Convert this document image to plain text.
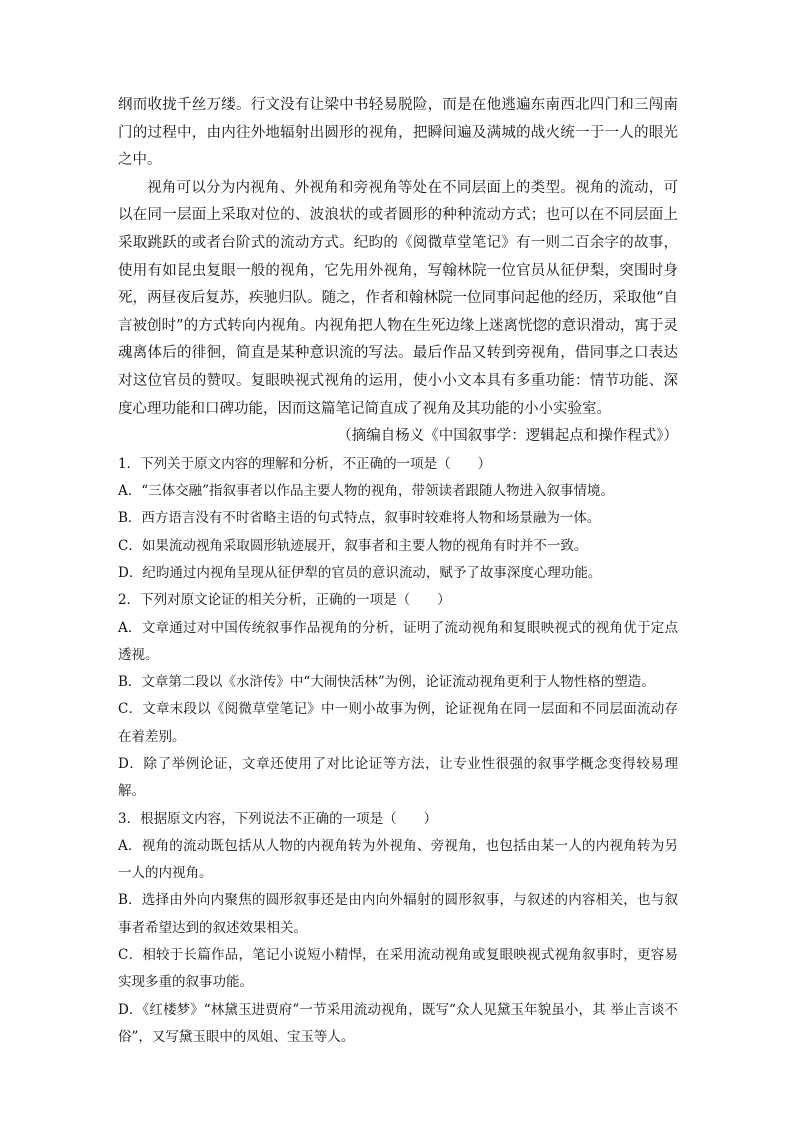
纲而收拢千丝万缕。行文没有让梁中书轻易脱险，而是在他逃遍东南西北四门和三闯南门的过程中，由内往外地辐射出圆形的视角，把瞬间遍及满城的战火统一于一人的眼光之中。

视角可以分为内视角、外视角和旁视角等处在不同层面上的类型。视角的流动，可以在同一层面上采取对位的、波浪状的或者圆形的种种流动方式；也可以在不同层面上采取跳跃的或者台阶式的流动方式。纪昀的《阅微草堂笔记》有一则二百余字的故事，使用有如昆虫复眼一般的视角，它先用外视角，写翰林院一位官员从征伊梨，突围时身死，两昼夜后复苏，疾驰归队。随之，作者和翰林院一位同事问起他的经历，采取他“自言被创时”的方式转向内视角。内视角把人物在生死边缘上迷离恍惚的意识滑动，寓于灵魂离体后的徘徊，简直是某种意识流的写法。最后作品又转到旁视角，借同事之口表达对这位官员的赞叹。复眼映视式视角的运用，使小小文本具有多重功能：情节功能、深度心理功能和口碑功能，因而这篇笔记简直成了视角及其功能的小小实验室。

（摘编自杨义《中国叙事学：逻辑起点和操作程式》）

1．下列关于原文内容的理解和分析，不正确的一项是（　　）

A．“三体交融”指叙事者以作品主要人物的视角，带领读者跟随人物进入叙事情境。

B．西方语言没有不时省略主语的句式特点，叙事时较难将人物和场景融为一体。

C．如果流动视角采取圆形轨迹展开，叙事者和主要人物的视角有时并不一致。

D．纪昀通过内视角呈现从征伊犁的官员的意识流动，赋予了故事深度心理功能。

2．下列对原文论证的相关分析，正确的一项是（　　）

A．文章通过对中国传统叙事作品视角的分析，证明了流动视角和复眼映视式的视角优于定点透视。

B．文章第二段以《水浒传》中“大闹快活林”为例，论证流动视角更利于人物性格的塑造。

C．文章末段以《阅微草堂笔记》中一则小故事为例，论证视角在同一层面和不同层面流动存在着差别。

D．除了举例论证，文章还使用了对比论证等方法，让专业性很强的叙事学概念变得较易理解。

3．根据原文内容，下列说法不正确的一项是（　　）

A．视角的流动既包括从人物的内视角转为外视角、旁视角，也包括由某一人的内视角转为另一人的内视角。

B．选择由外向内聚焦的圆形叙事还是由内向外辐射的圆形叙事，与叙述的内容相关，也与叙事者希望达到的叙述效果相关。

C．相较于长篇作品，笔记小说短小精悍，在采用流动视角或复眼映视式视角叙事时，更容易实现多重的叙事功能。

D．《红楼梦》“林黛玉进贾府”一节采用流动视角，既写“众人见黛玉年貌虽小，其 举止言谈不俗”，又写黛玉眼中的凤姐、宝玉等人。
